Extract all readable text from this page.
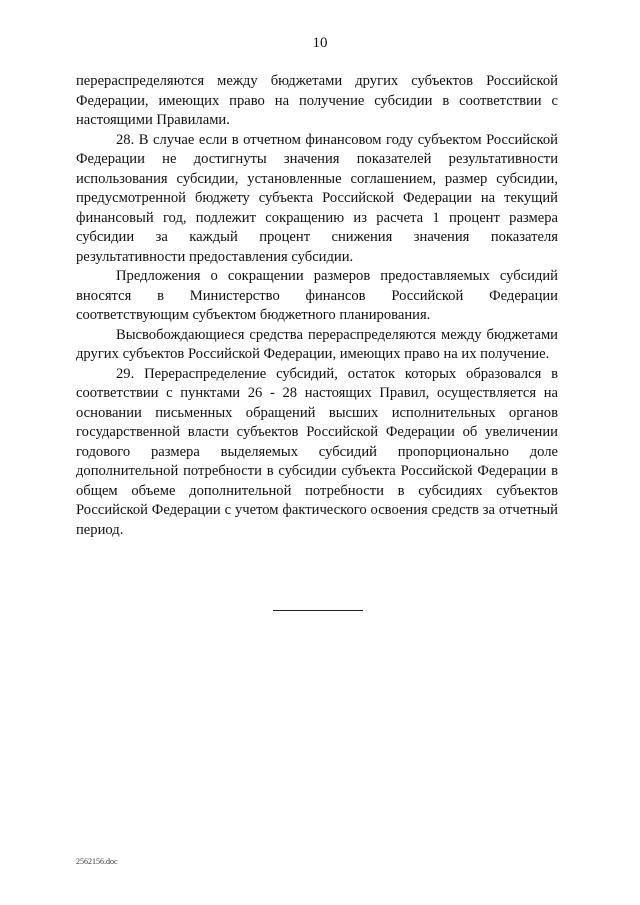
10

перераспределяются между бюджетами других субъектов Российской Федерации, имеющих право на получение субсидии в соответствии с настоящими Правилами.

28. В случае если в отчетном финансовом году субъектом Российской Федерации не достигнуты значения показателей результативности использования субсидии, установленные соглашением, размер субсидии, предусмотренной бюджету субъекта Российской Федерации на текущий финансовый год, подлежит сокращению из расчета 1 процент размера субсидии за каждый процент снижения значения показателя результативности предоставления субсидии.

Предложения о сокращении размеров предоставляемых субсидий вносятся в Министерство финансов Российской Федерации соответствующим субъектом бюджетного планирования.

Высвобождающиеся средства перераспределяются между бюджетами других субъектов Российской Федерации, имеющих право на их получение.

29. Перераспределение субсидий, остаток которых образовался в соответствии с пунктами 26 - 28 настоящих Правил, осуществляется на основании письменных обращений высших исполнительных органов государственной власти субъектов Российской Федерации об увеличении годового размера выделяемых субсидий пропорционально доле дополнительной потребности в субсидии субъекта Российской Федерации в общем объеме дополнительной потребности в субсидиях субъектов Российской Федерации с учетом фактического освоения средств за отчетный период.

2562156.doc
